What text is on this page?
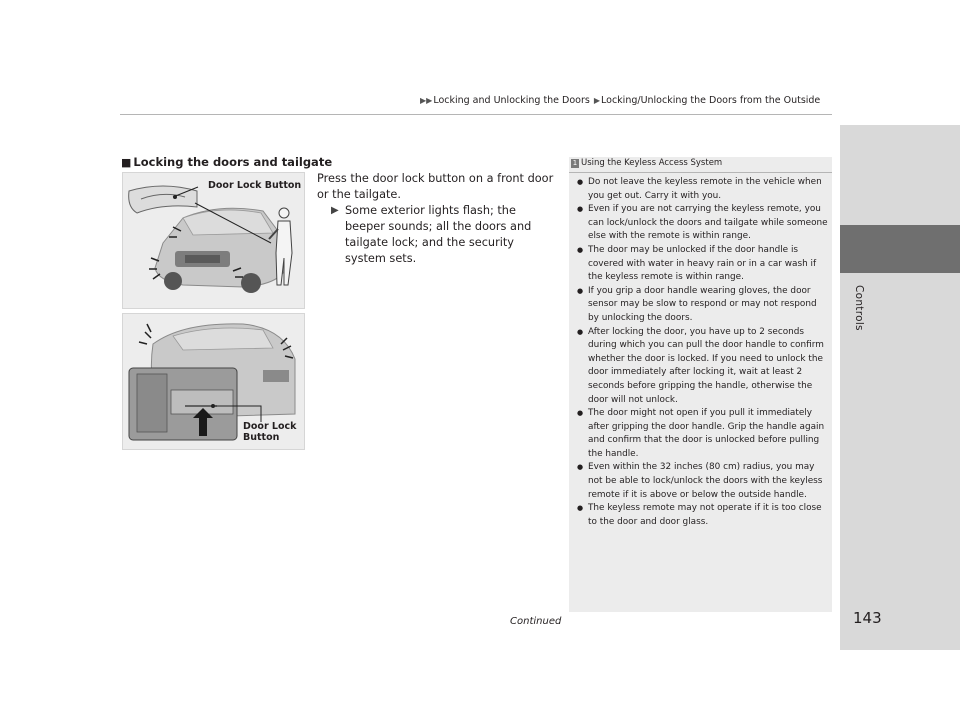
▶▶Locking and Unlocking the Doors ▶Locking/Unlocking the Doors from the Outside
Controls
■ Locking the doors and tailgate
Door Lock Button
Door Lock
Button
Press the door lock button on a front door or the tailgate.
▶ Some exterior lights flash; the beeper sounds; all the doors and tailgate lock; and the security system sets.
1 Using the Keyless Access System
● Do not leave the keyless remote in the vehicle when you get out. Carry it with you.
● Even if you are not carrying the keyless remote, you can lock/unlock the doors and tailgate while someone else with the remote is within range.
● The door may be unlocked if the door handle is covered with water in heavy rain or in a car wash if the keyless remote is within range.
● If you grip a door handle wearing gloves, the door sensor may be slow to respond or may not respond by unlocking the doors.
● After locking the door, you have up to 2 seconds during which you can pull the door handle to confirm whether the door is locked. If you need to unlock the door immediately after locking it, wait at least 2 seconds before gripping the handle, otherwise the door will not unlock.
● The door might not open if you pull it immediately after gripping the door handle. Grip the handle again and confirm that the door is unlocked before pulling the handle.
● Even within the 32 inches (80 cm) radius, you may not be able to lock/unlock the doors with the keyless remote if it is above or below the outside handle.
● The keyless remote may not operate if it is too close to the door and door glass.
Continued	143
